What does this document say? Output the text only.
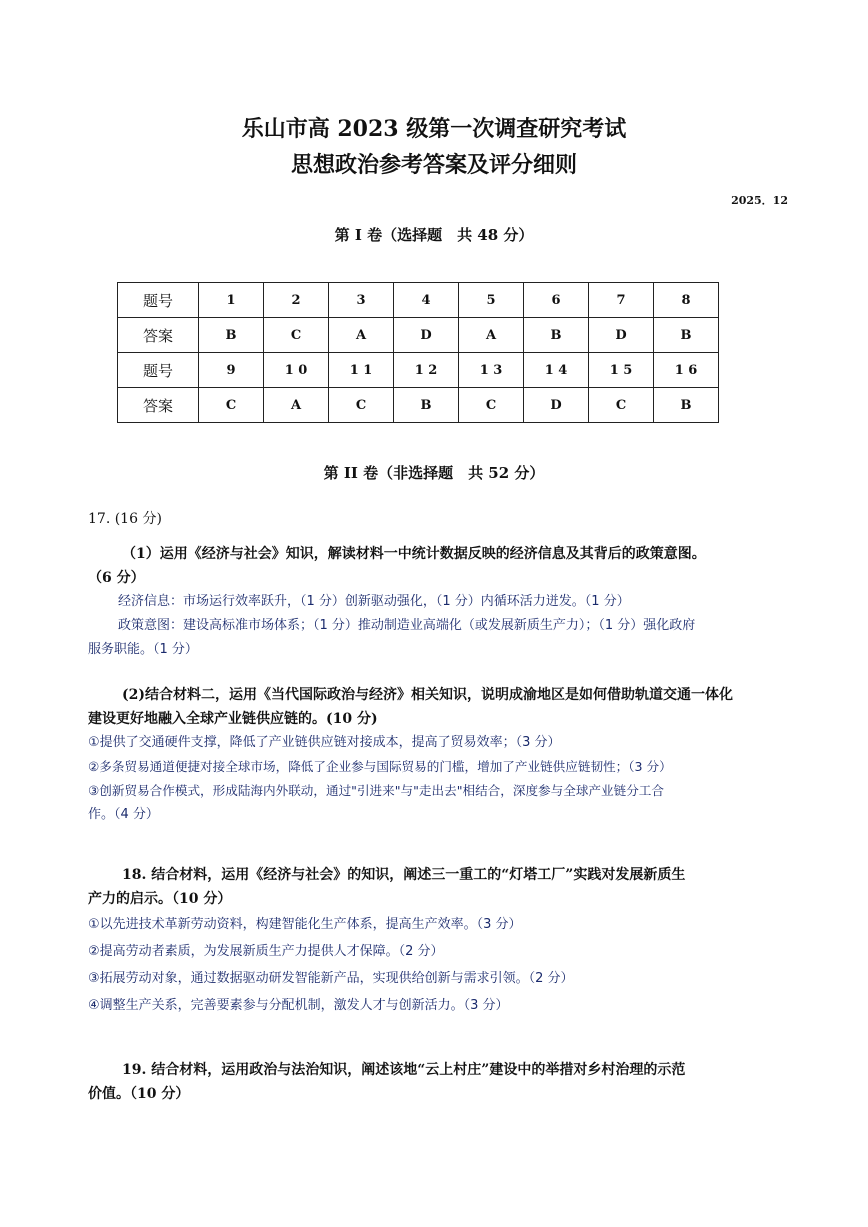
乐山市高 2023 级第一次调查研究考试
思想政治参考答案及评分细则
2025．12
第 I 卷（选择题　共 48 分）
题号	1	2	3	4	5	6	7	8
答案	B	C	A	D	A	B	D	B
题号	9	1 0	1 1	1 2	1 3	1 4	1 5	1 6
答案	C	A	C	B	C	D	C	B
第 II 卷（非选择题　共 52 分）
17. (16 分)
（1）运用《经济与社会》知识，解读材料一中统计数据反映的经济信息及其背后的政策意图。
（6 分）
经济信息：市场运行效率跃升，（1 分）创新驱动强化，（1 分）内循环活力迸发。（1 分）
政策意图：建设高标准市场体系；（1 分）推动制造业高端化（或发展新质生产力）；（1 分）强化政府
服务职能。（1 分）
(2)结合材料二，运用《当代国际政治与经济》相关知识，说明成渝地区是如何借助轨道交通一体化
建设更好地融入全球产业链供应链的。(10 分)
①提供了交通硬件支撑，降低了产业链供应链对接成本，提高了贸易效率；（3 分）
②多条贸易通道便捷对接全球市场，降低了企业参与国际贸易的门槛，增加了产业链供应链韧性；（3 分）
③创新贸易合作模式，形成陆海内外联动，通过"引进来"与"走出去"相结合，深度参与全球产业链分工合
作。（4 分）
18. 结合材料，运用《经济与社会》的知识，阐述三一重工的“灯塔工厂”实践对发展新质生
产力的启示。（10 分）
①以先进技术革新劳动资料，构建智能化生产体系，提高生产效率。（3 分）
②提高劳动者素质，为发展新质生产力提供人才保障。（2 分）
③拓展劳动对象，通过数据驱动研发智能新产品，实现供给创新与需求引领。（2 分）
④调整生产关系，完善要素参与分配机制，激发人才与创新活力。（3 分）
19. 结合材料，运用政治与法治知识，阐述该地“云上村庄”建设中的举措对乡村治理的示范
价值。（10 分）
